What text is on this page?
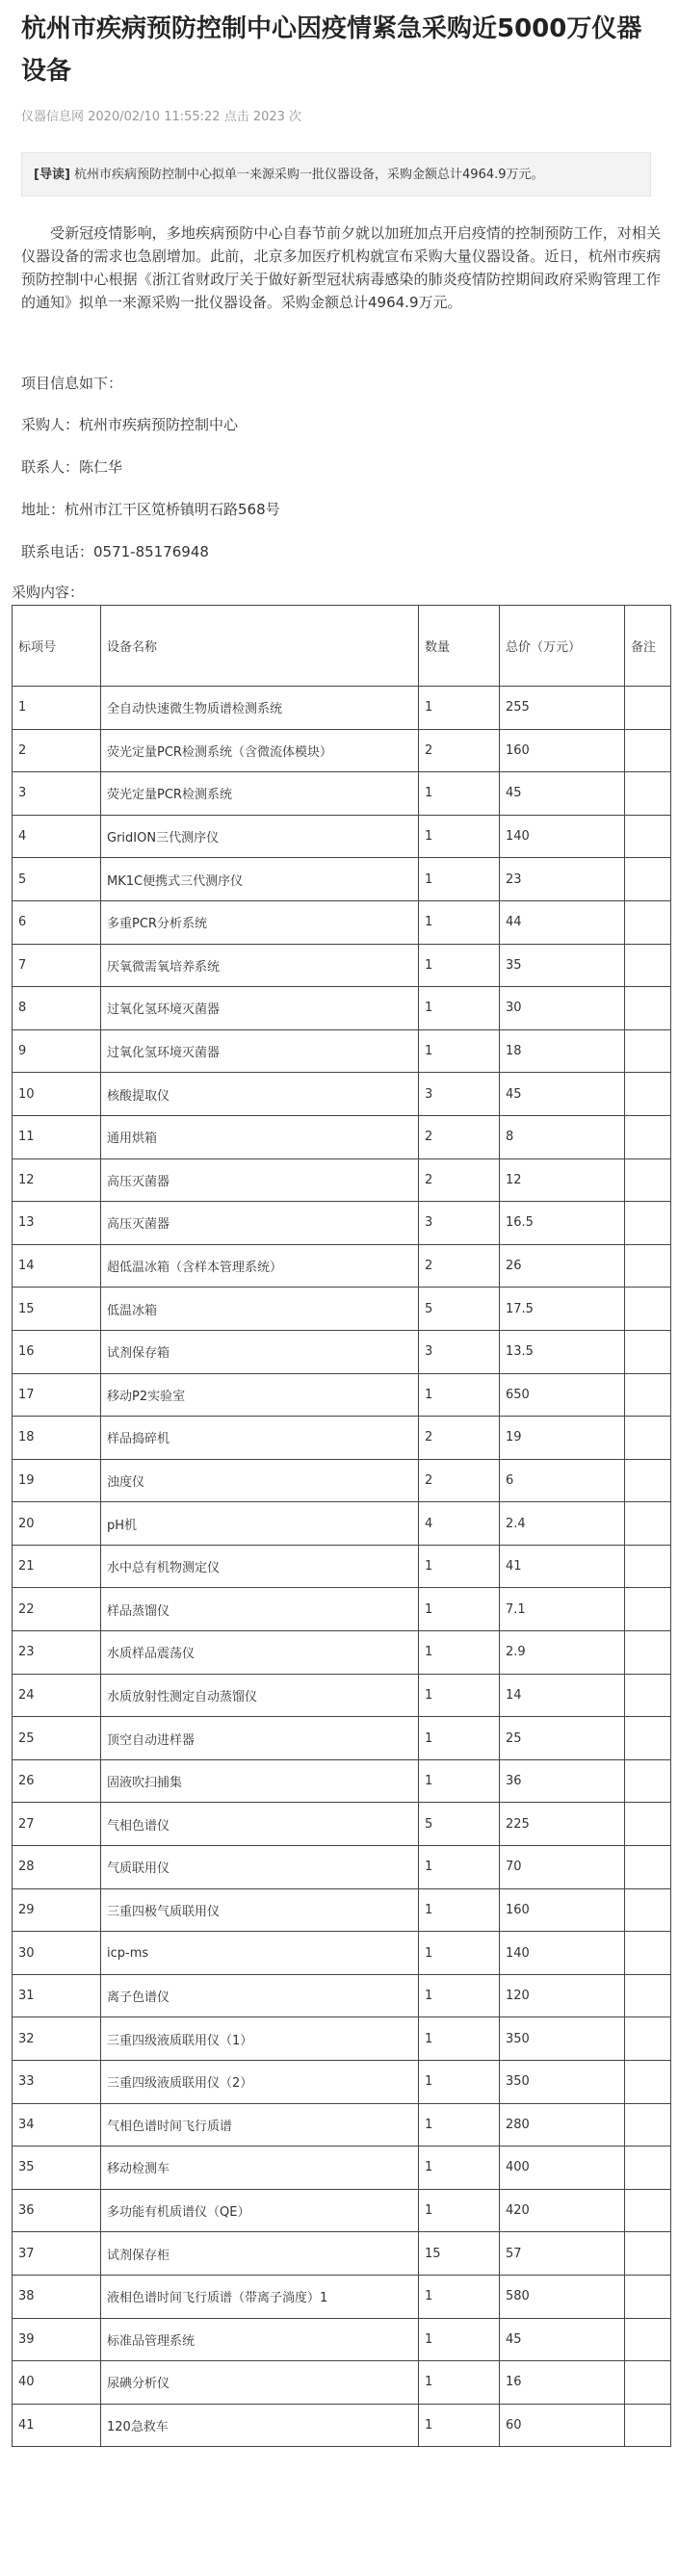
杭州市疾病预防控制中心因疫情紧急采购近5000万仪器设备
仪器信息网 2020/02/10 11:55:22 点击 2023 次
[导读] 杭州市疾病预防控制中心拟单一来源采购一批仪器设备，采购金额总计4964.9万元。

受新冠疫情影响，多地疾病预防中心自春节前夕就以加班加点开启疫情的控制预防工作，对相关仪器设备的需求也急剧增加。此前，北京多加医疗机构就宣布采购大量仪器设备。近日，杭州市疾病预防控制中心根据《浙江省财政厅关于做好新型冠状病毒感染的肺炎疫情防控期间政府采购管理工作的通知》拟单一来源采购一批仪器设备。采购金额总计4964.9万元。

项目信息如下：

采购人：杭州市疾病预防控制中心

联系人：陈仁华

地址：杭州市江干区笕桥镇明石路568号

联系电话：0571-85176948

采购内容：
标项号	设备名称	数量	总价（万元）	备注
1	全自动快速微生物质谱检测系统	1	255	
2	荧光定量PCR检测系统（含微流体模块）	2	160	
3	荧光定量PCR检测系统	1	45	
4	GridION三代测序仪	1	140	
5	MK1C便携式三代测序仪	1	23	
6	多重PCR分析系统	1	44	
7	厌氧微需氧培养系统	1	35	
8	过氧化氢环境灭菌器	1	30	
9	过氧化氢环境灭菌器	1	18	
10	核酸提取仪	3	45	
11	通用烘箱	2	8	
12	高压灭菌器	2	12	
13	高压灭菌器	3	16.5	
14	超低温冰箱（含样本管理系统）	2	26	
15	低温冰箱	5	17.5	
16	试剂保存箱	3	13.5	
17	移动P2实验室	1	650	
18	样品捣碎机	2	19	
19	浊度仪	2	6	
20	pH机	4	2.4	
21	水中总有机物测定仪	1	41	
22	样品蒸馏仪	1	7.1	
23	水质样品震荡仪	1	2.9	
24	水质放射性测定自动蒸馏仪	1	14	
25	顶空自动进样器	1	25	
26	固液吹扫捕集	1	36	
27	气相色谱仪	5	225	
28	气质联用仪	1	70	
29	三重四极气质联用仪	1	160	
30	icp-ms	1	140	
31	离子色谱仪	1	120	
32	三重四级液质联用仪（1）	1	350	
33	三重四级液质联用仪（2）	1	350	
34	气相色谱时间飞行质谱	1	280	
35	移动检测车	1	400	
36	多功能有机质谱仪（QE）	1	420	
37	试剂保存柜	15	57	
38	液相色谱时间飞行质谱（带离子淌度）1	1	580	
39	标准品管理系统	1	45	
40	尿碘分析仪	1	16	
41	120急救车	1	60	
